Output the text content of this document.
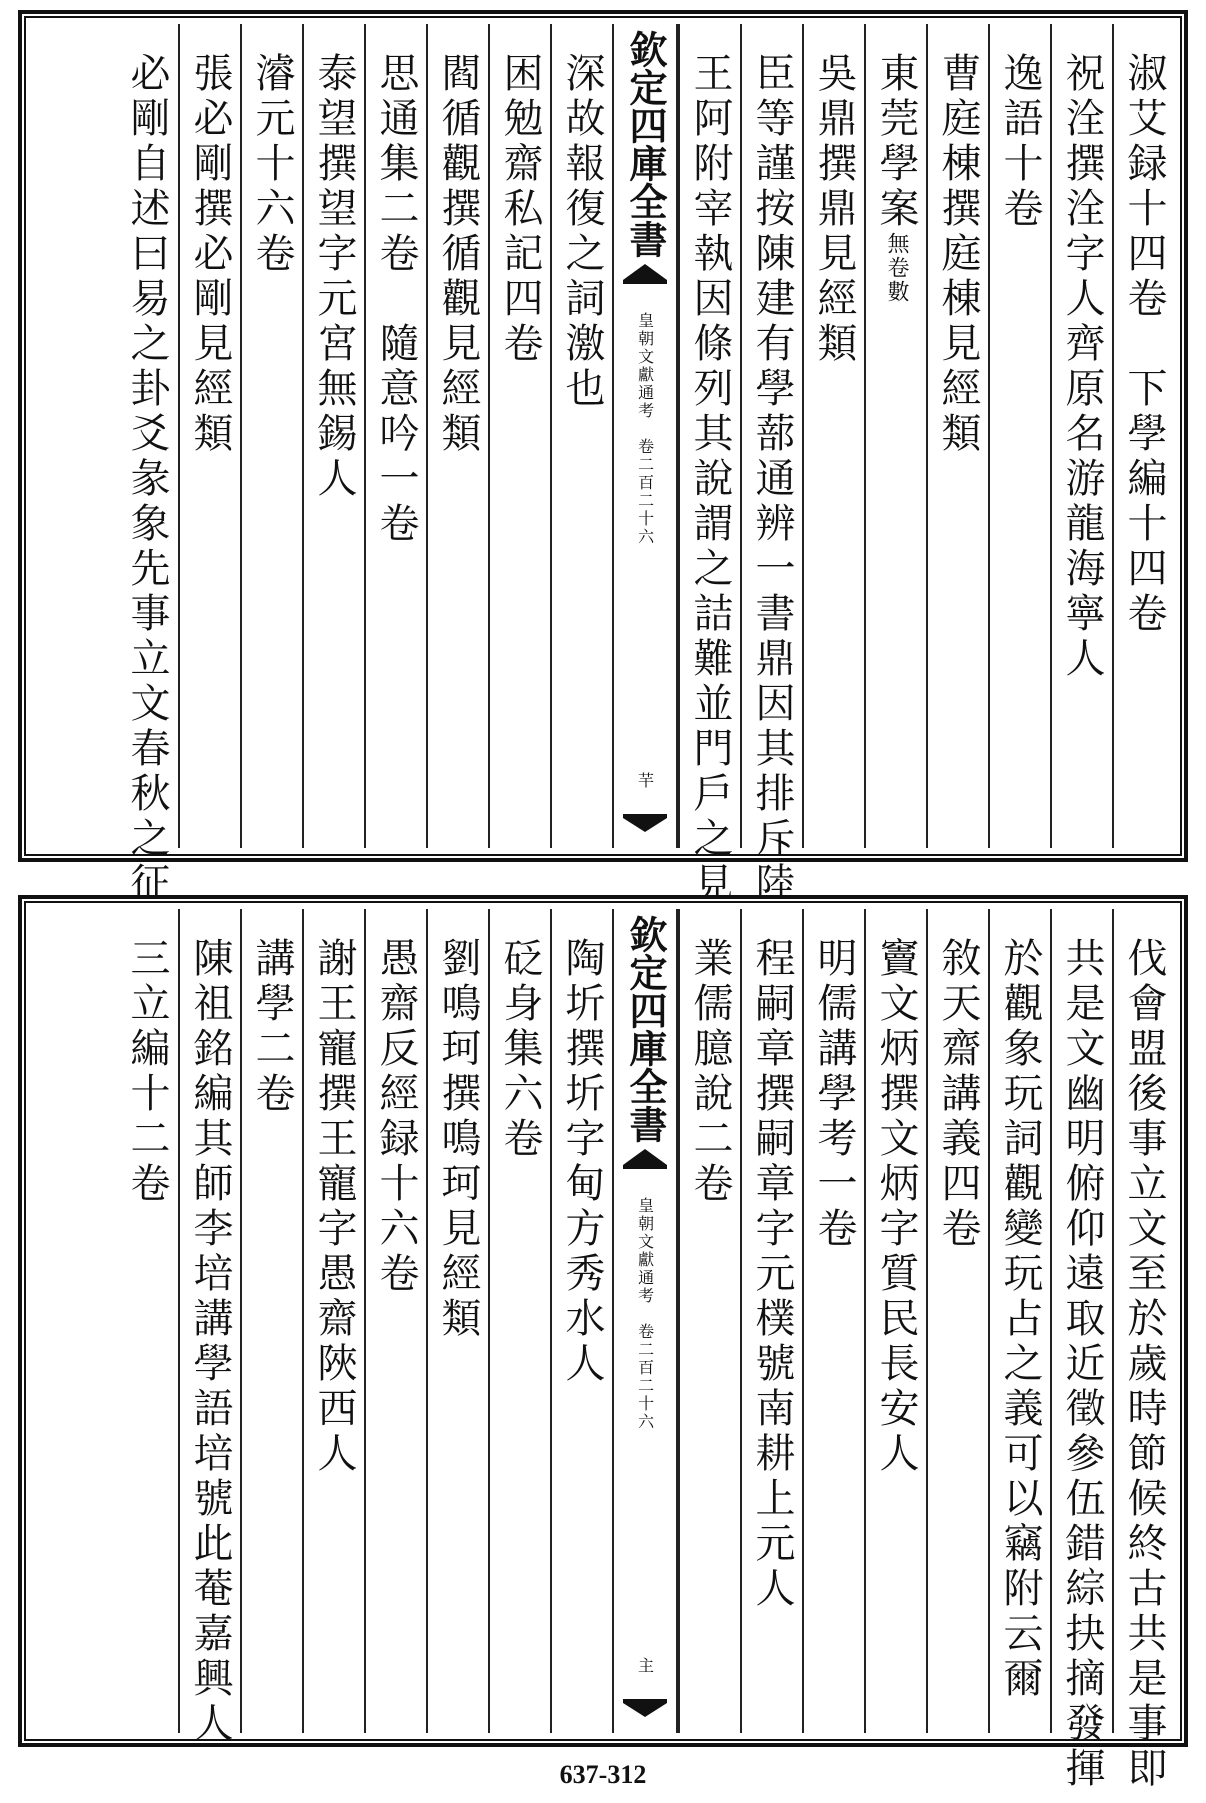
淑艾録十四卷　下學編十四卷
祝洤撰洤字人齊原名游龍海寧人
逸語十卷
曹庭棟撰庭棟見經類
東莞學案無卷數
吳鼎撰鼎見經類
臣等謹按陳建有學蔀通辨一書鼎因其排斥陸
王阿附宰執因條列其說謂之詰難並門戶之見
欽定四庫全書
皇朝文獻通考
卷二百二十六
芉
深故報復之詞激也
困勉齋私記四卷
閻循觀撰循觀見經類
思通集二卷　隨意吟一卷
泰望撰望字元宮無錫人
濬元十六卷
張必剛撰必剛見經類
必剛自述曰易之卦爻彖象先事立文春秋之征
伐會盟後事立文至於歲時節候終古共是事即
共是文幽明俯仰遠取近徵參伍錯綜抉摘發揮
於觀象玩詞觀變玩占之義可以竊附云爾
敘天齋講義四卷
竇文炳撰文炳字質民長安人
明儒講學考一卷
程嗣章撰嗣章字元樸號南耕上元人
業儒臆說二卷
欽定四庫全書
皇朝文獻通考
卷二百二十六
主
陶圻撰圻字甸方秀水人
砭身集六卷
劉鳴珂撰鳴珂見經類
愚齋反經録十六卷
謝王寵撰王寵字愚齋陜西人
講學二卷
陳祖銘編其師李培講學語培號此菴嘉興人
三立編十二卷
637-312
